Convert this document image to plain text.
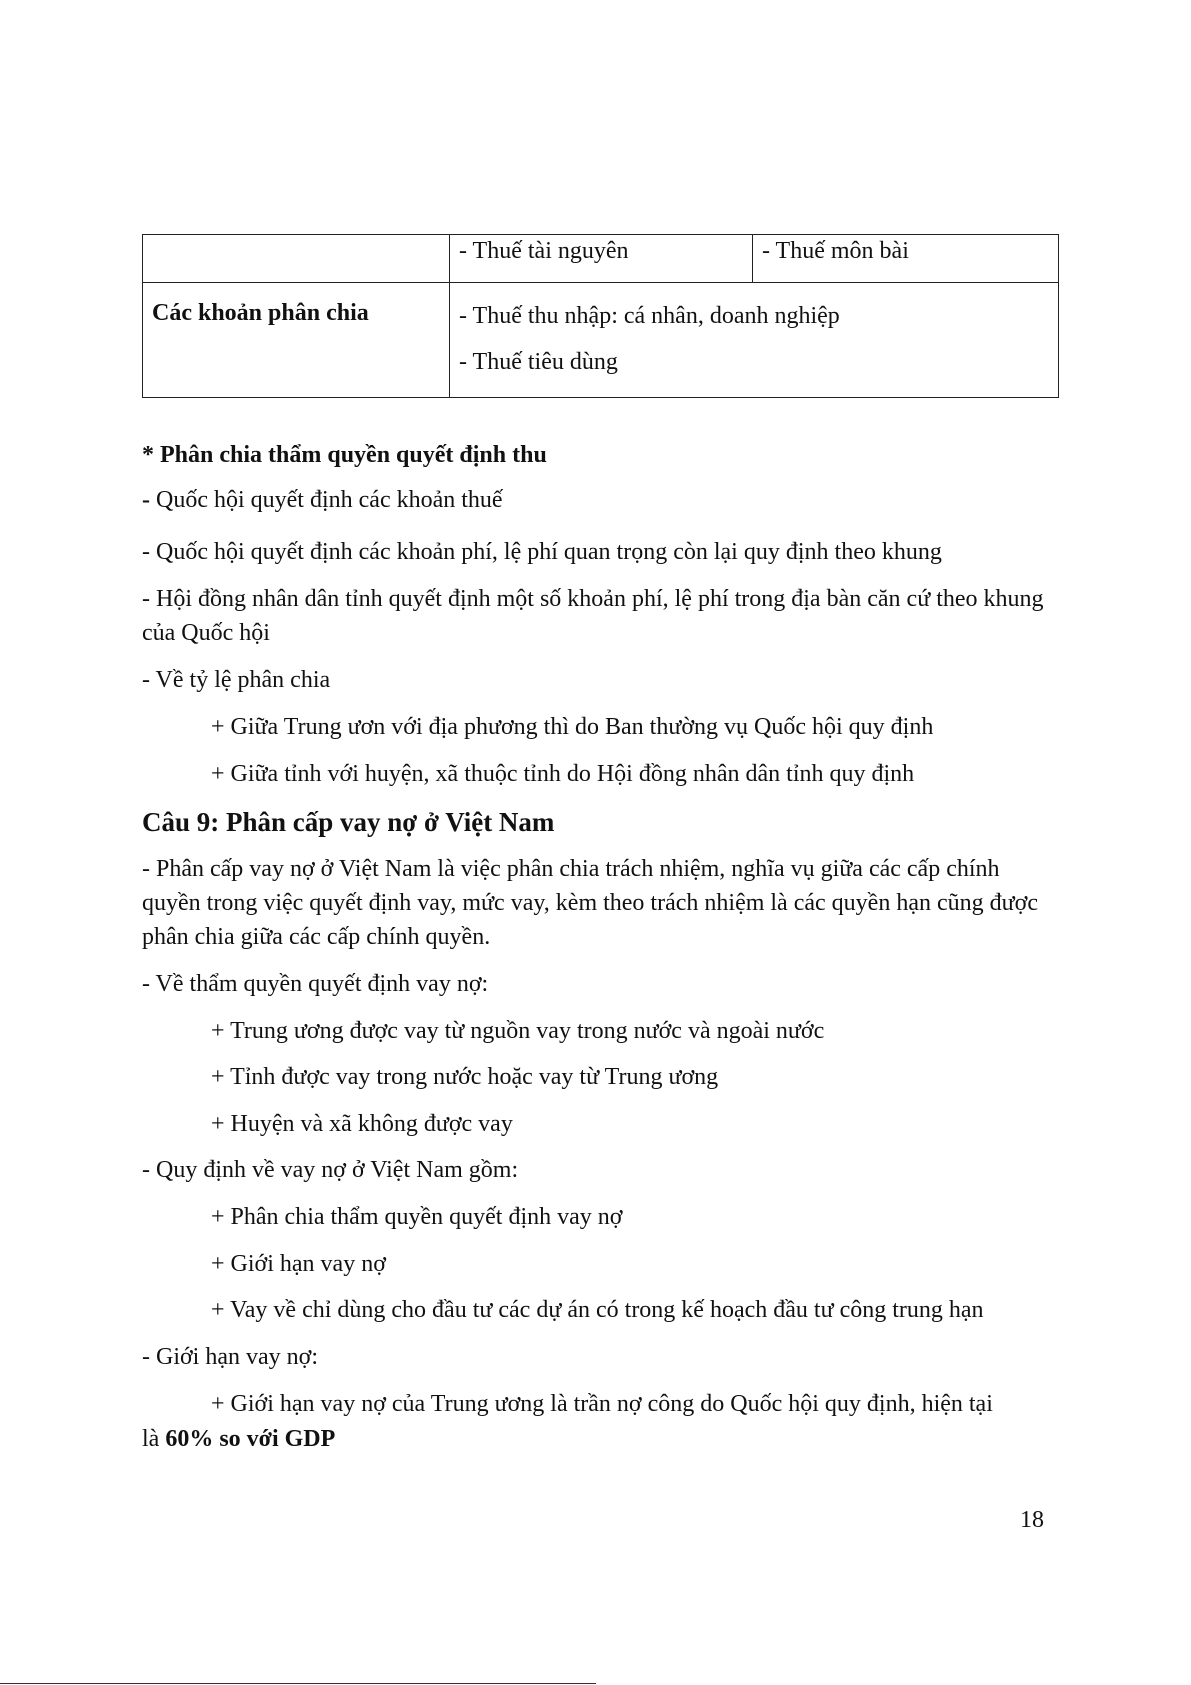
	- Thuế tài nguyên	- Thuế môn bài
Các khoản phân chia	- Thuế thu nhập: cá nhân, doanh nghiệp
- Thuế tiêu dùng	
* Phân chia thẩm quyền quyết định thu
- Quốc hội quyết định các khoản thuế
- Quốc hội quyết định các khoản phí, lệ phí quan trọng còn lại quy định theo khung
- Hội đồng nhân dân tỉnh quyết định một số khoản phí, lệ phí trong địa bàn căn cứ theo khung của Quốc hội
- Về tỷ lệ phân chia
+ Giữa Trung ươn với địa phương thì do Ban thường vụ Quốc hội quy định
+ Giữa tỉnh với huyện, xã thuộc tỉnh do Hội đồng nhân dân tỉnh quy định
Câu 9: Phân cấp vay nợ ở Việt Nam
- Phân cấp vay nợ ở Việt Nam là việc phân chia trách nhiệm, nghĩa vụ giữa các cấp chính quyền trong việc quyết định vay, mức vay, kèm theo trách nhiệm là các quyền hạn cũng được phân chia giữa các cấp chính quyền.
- Về thẩm quyền quyết định vay nợ:
+ Trung ương được vay từ nguồn vay trong nước và ngoài nước
+ Tỉnh được vay trong nước hoặc vay từ Trung ương
+ Huyện và xã không được vay
- Quy định về vay nợ ở Việt Nam gồm:
+ Phân chia thẩm quyền quyết định vay nợ
+ Giới hạn vay nợ
+ Vay về chỉ dùng cho đầu tư các dự án có trong kế hoạch đầu tư công trung hạn
- Giới hạn vay nợ:
+ Giới hạn vay nợ của Trung ương là trần nợ công do Quốc hội quy định, hiện tại
là 60% so với GDP
18
